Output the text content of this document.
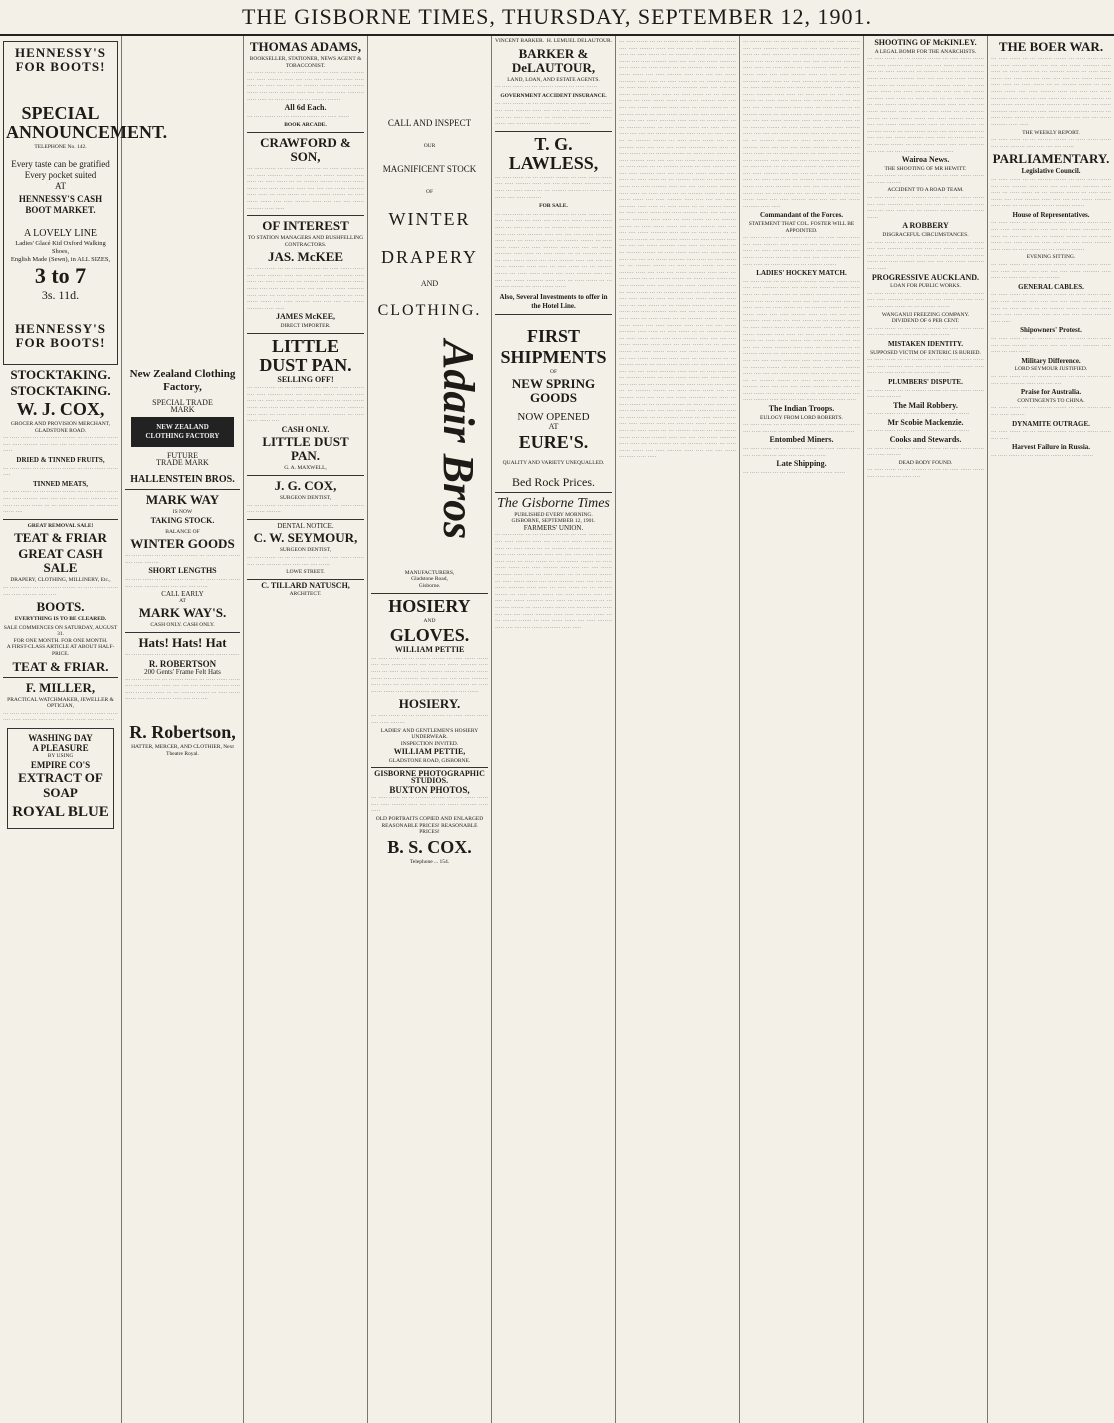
THE GISBORNE TIMES, THURSDAY, SEPTEMBER 12, 1901.
HENNESSY'S FOR BOOTS!
SPECIAL ANNOUNCEMENT.
TELEPHONE No. 142.
Every taste can be gratified
Every pocket suited
AT
HENNESSY'S CASH BOOT MARKET.
A LOVELY LINE
Ladies' Glacé Kid Oxford Walking Shoes,
English Made (Sewn), in ALL SIZES,
3 to 7
3s. 11d.
HENNESSY'S FOR BOOTS!
STOCKTAKING.
STOCKTAKING.
W. J. COX,
GROCER AND PROVISION MERCHANT, GLADSTONE ROAD.
··· ····· ······ ··· ··· ········ ······· ··· ····· ······ ······ ···· ····· ········ ····· ···· ···· ···· ······ ········· ····· ·····
DRIED & TINNED FRUITS,
··· ····· ······ ··· ··· ········ ······· ··· ····· ······ ······ ····
TINNED MEATS,
··· ····· ······ ··· ··· ········ ······· ··· ····· ······ ······ ···· ····· ········ ····· ···· ···· ···· ······ ········· ····· ····· ··· ····· ······ ··· ··· ········ ······· ··· ····· ······ ······ ····
GREAT REMOVAL SALE!
TEAT & FRIAR
GREAT CASH SALE
DRAPERY, CLOTHING, MILLINERY, Etc.,
··· ····· ······ ··· ··· ········ ······· ··· ····· ······ ······ ···· ····· ········ ····· ····
BOOTS.
EVERYTHING IS TO BE CLEARED.
SALE COMMENCES ON SATURDAY, AUGUST 31.
FOR ONE MONTH. FOR ONE MONTH.
A FIRST-CLASS ARTICLE AT ABOUT HALF-PRICE.
TEAT & FRIAR.
F. MILLER,
PRACTICAL WATCHMAKER, JEWELLER & OPTICIAN,
··· ····· ······ ··· ··· ········ ······· ··· ····· ······ ······ ···· ····· ········ ····· ···· ···· ···· ······ ········· ·····
WASHING DAY
A PLEASURE
BY USING
EMPIRE CO'S
EXTRACT OF SOAP
ROYAL BLUE
New Zealand Clothing Factory,
SPECIAL TRADE
MARK
NEW ZEALAND
CLOTHING FACTORY
FUTURE
TRADE MARK
HALLENSTEIN BROS.
MARK WAY
IS NOW
TAKING STOCK.
BALANCE OF
WINTER GOODS
··· ····· ······ ··· ··· ········ ······· ··· ····· ······ ······ ···· ····· ········
SHORT LENGTHS
··· ····· ······ ··· ··· ········ ······· ··· ····· ······ ······ ···· ····· ········ ····· ···· ···· ···· ······
CALL EARLY
AT
MARK WAY'S.
CASH ONLY. CASH ONLY.
Hats! Hats! Hat
··· ····· ······ ··· ··· ········ ······· ··· ····· ······ ······
R. ROBERTSON
200 Gents' Frame Felt Hats
··· ····· ······ ··· ··· ········ ······· ··· ····· ······ ······ ···· ····· ········ ····· ···· ···· ···· ······ ········· ····· ····· ··· ····· ······ ··· ··· ········ ······· ··· ····· ······ ······ ···· ····· ········ ····· ···· ···· ····
R. Robertson,
HATTER, MERCER, AND CLOTHIER, Next Theatre Royal.
THOMAS ADAMS,
BOOKSELLER, STATIONER, NEWS AGENT & TOBACCONIST.
··· ····· ······ ··· ··· ········ ······· ··· ····· ······ ······ ···· ····· ········ ····· ···· ···· ···· ······ ········· ····· ····· ··· ····· ······ ··· ··· ········ ······· ··· ····· ······ ······ ···· ····· ········ ····· ···· ···· ···· ······ ········· ····· ····· ··· ····· ······ ··· ··· ········ ·······
All 6d Each.
··· ····· ······ ··· ··· ········ ······· ··· ····· ······
BOOK ARCADE.
CRAWFORD & SON,
··· ····· ······ ··· ··· ········ ······· ··· ····· ······ ······ ···· ····· ········ ····· ···· ···· ···· ······ ········· ····· ····· ··· ····· ······ ··· ··· ········ ······· ··· ····· ······ ······ ···· ····· ········ ····· ···· ···· ···· ······ ········· ····· ····· ··· ····· ······ ··· ··· ········ ······· ··· ····· ······ ······ ···· ····· ········ ····· ···· ···· ···· ······ ········· ····· ·····
OF INTEREST
TO STATION MANAGERS AND BUSHFELLING CONTRACTORS.
JAS. McKEE
··· ····· ······ ··· ··· ········ ······· ··· ····· ······ ······ ···· ····· ········ ····· ···· ···· ···· ······ ········· ····· ····· ··· ····· ······ ··· ··· ········ ······· ··· ····· ······ ······ ···· ····· ········ ····· ···· ···· ···· ······ ········· ····· ····· ··· ····· ······ ··· ··· ········ ······· ··· ····· ······ ······ ···· ····· ········ ····· ···· ···· ···· ······ ········· ····· ·····
JAMES McKEE,
DIRECT IMPORTER.
LITTLE DUST PAN.
SELLING OFF!
··· ····· ······ ··· ··· ········ ······· ··· ····· ······ ······ ···· ····· ········ ····· ···· ···· ···· ······ ········· ····· ····· ··· ····· ······ ··· ··· ········ ······· ··· ····· ······ ······ ···· ····· ········ ····· ···· ···· ···· ······ ········· ····· ····· ··· ····· ······ ··· ··· ········ ······· ··· ····· ······ ······ ····
CASH ONLY.
LITTLE DUST PAN.
G. A. MAXWELL,
J. G. COX,
SURGEON DENTIST,
··· ····· ······ ··· ··· ········ ······· ··· ····· ······ ······ ···· ····· ········
DENTAL NOTICE.
C. W. SEYMOUR,
SURGEON DENTIST,
··· ····· ······ ··· ··· ········ ······· ··· ····· ······ ······ ···· ····· ········ ····· ···· ···· ···· ······
LOWE STREET.
C. TILLARD NATUSCH,
ARCHITECT.
CALL AND INSPECT
OUR
MAGNIFICENT STOCK
OF
WINTER
DRAPERY
AND
CLOTHING.
Adair Bros
MANUFACTURERS,
Gladstone Road,
Gisborne.
HOSIERY
AND
GLOVES.
WILLIAM PETTIE
··· ····· ······ ··· ··· ········ ······· ··· ····· ······ ······ ···· ····· ········ ····· ···· ···· ···· ······ ········· ····· ····· ··· ····· ······ ··· ··· ········ ······· ··· ····· ······ ······ ···· ····· ········ ····· ···· ···· ···· ······ ········· ····· ····· ··· ····· ······ ··· ··· ········ ······· ··· ····· ······ ······ ···· ····· ········ ····· ···· ···· ···· ······
HOSIERY.
··· ····· ······ ··· ··· ········ ······· ··· ····· ······ ······ ···· ····· ········
LADIES' AND GENTLEMEN'S HOSIERY UNDERWEAR.
INSPECTION INVITED.
WILLIAM PETTIE,
GLADSTONE ROAD, GISBORNE.
GISBORNE PHOTOGRAPHIC STUDIOS.
BUXTON PHOTOS,
··· ····· ······ ··· ··· ········ ······· ··· ····· ······ ······ ···· ····· ········ ····· ···· ···· ···· ······ ········· ····· ·····
OLD PORTRAITS COPIED AND ENLARGED
REASONABLE PRICES! REASONABLE PRICES!
B. S. COX.
Telephone ... 154.
VINCENT BARKER. H. LEMUEL DELAUTOUR.
BARKER & DeLAUTOUR,
LAND, LOAN, AND ESTATE AGENTS.
··· ····· ······ ··· ··· ········ ······· ··· ····· ······
GOVERNMENT ACCIDENT INSURANCE.
··· ····· ······ ··· ··· ········ ······· ··· ····· ······ ······ ···· ····· ········ ····· ···· ···· ···· ······ ········· ····· ····· ··· ····· ······ ··· ··· ········ ······· ··· ····· ······ ······ ···· ····· ········ ····· ···· ···· ···· ······
T. G. LAWLESS,
··· ····· ······ ··· ··· ········ ······· ··· ····· ······ ······ ···· ····· ········ ····· ···· ···· ···· ······ ········· ····· ····· ··· ····· ······ ··· ··· ········ ······· ··· ····· ······ ······ ···· ····· ········
FOR SALE.
··· ····· ······ ··· ··· ········ ······· ··· ····· ······ ······ ···· ····· ········ ····· ···· ···· ···· ······ ········· ····· ····· ··· ····· ······ ··· ··· ········ ······· ··· ····· ······ ······ ···· ····· ········ ····· ···· ···· ···· ······ ········· ····· ····· ··· ····· ······ ··· ··· ········ ······· ··· ····· ······ ······ ···· ····· ········ ····· ···· ···· ···· ······ ········· ····· ····· ··· ····· ······ ··· ··· ········ ······· ··· ····· ······ ······ ···· ····· ········ ····· ···· ···· ···· ······ ········· ····· ····· ··· ····· ······ ··· ··· ········ ······· ··· ····· ······ ······ ···· ····· ········ ····· ···· ···· ···· ······ ········· ····· ····· ··· ····· ······ ··· ··· ········ ······· ··· ····· ······ ······
Also, Several Investments to offer in the Hotel Line.
FIRST
SHIPMENTS
OF
NEW SPRING GOODS
NOW OPENED
AT
EURE'S.
QUALITY AND VARIETY UNEQUALLED.
Bed Rock Prices.
The Gisborne Times
PUBLISHED EVERY MORNING.
GISBORNE, SEPTEMBER 12, 1901.
FARMERS' UNION.
··· ····· ······ ··· ··· ········ ······· ··· ····· ······ ······ ···· ····· ········ ····· ···· ···· ···· ······ ········· ····· ····· ··· ····· ······ ··· ··· ········ ······· ··· ····· ······ ······ ···· ····· ········ ····· ···· ···· ···· ······ ········· ····· ····· ··· ····· ······ ··· ··· ········ ······· ··· ····· ······ ······ ···· ····· ········ ····· ···· ···· ···· ······ ········· ····· ····· ··· ····· ······ ··· ··· ········ ······· ··· ····· ······ ······ ···· ····· ········ ····· ···· ···· ···· ······ ········· ····· ····· ··· ····· ······ ··· ··· ········ ······· ··· ····· ······ ······ ···· ····· ········ ····· ···· ···· ···· ······ ········· ····· ····· ··· ····· ······ ··· ··· ········ ······· ··· ····· ······ ······ ···· ····· ········ ····· ···· ···· ···· ······ ········· ····· ····· ··· ····· ······ ··· ··· ········ ······· ··· ····· ······ ······ ···· ····· ········ ····· ···· ···· ···· ······ ········· ····· ·····
··· ····· ······ ··· ··· ········ ······· ··· ····· ······ ······ ···· ····· ········ ····· ···· ···· ···· ······ ········· ····· ····· ··· ····· ······ ··· ··· ········ ······· ··· ····· ······ ······ ···· ····· ········ ····· ···· ···· ···· ······ ········· ····· ····· ··· ····· ······ ··· ··· ········ ······· ··· ····· ······ ······ ···· ····· ········ ····· ···· ···· ···· ······ ········· ····· ····· ··· ····· ······ ··· ··· ········ ······· ··· ····· ······ ······ ···· ····· ········ ····· ···· ···· ···· ······ ········· ····· ····· ··· ····· ······ ··· ··· ········ ······· ··· ····· ······ ······ ···· ····· ········ ····· ···· ···· ···· ······ ········· ····· ····· ··· ····· ······ ··· ··· ········ ······· ··· ····· ······ ······ ···· ····· ········ ····· ···· ···· ···· ······ ········· ····· ····· ··· ····· ······ ··· ··· ········ ······· ··· ····· ······ ······ ···· ····· ········ ····· ···· ···· ···· ······ ········· ····· ····· ··· ····· ······ ··· ··· ········ ······· ··· ····· ······ ······ ···· ····· ········ ····· ···· ···· ···· ······ ········· ····· ····· ··· ····· ······ ··· ··· ········ ······· ··· ····· ······ ······ ···· ····· ········ ····· ···· ···· ···· ······ ········· ····· ····· ··· ····· ······ ··· ··· ········ ······· ··· ····· ······ ······ ···· ····· ········ ····· ···· ···· ···· ······ ········· ····· ····· ··· ····· ······ ··· ··· ········ ······· ··· ····· ······ ······ ···· ····· ········ ····· ···· ···· ···· ······ ········· ····· ····· ··· ····· ······ ··· ··· ········ ······· ··· ····· ······ ······ ···· ····· ········ ····· ···· ···· ···· ······ ········· ····· ····· ··· ····· ······ ··· ··· ········ ······· ··· ····· ······ ······ ···· ····· ········ ····· ···· ···· ···· ······ ········· ····· ····· ··· ····· ······ ··· ··· ········ ······· ··· ····· ······ ······ ···· ····· ········ ····· ···· ···· ···· ······ ········· ····· ····· ··· ····· ······ ··· ··· ········ ······· ··· ····· ······ ······ ···· ····· ········ ····· ···· ···· ···· ······ ········· ····· ····· ··· ····· ······ ··· ··· ········ ······· ··· ····· ······ ······ ···· ····· ········ ····· ···· ···· ···· ······ ········· ····· ····· ··· ····· ······ ··· ··· ········ ······· ··· ····· ······ ······ ···· ····· ········ ····· ···· ···· ···· ······ ········· ····· ····· ··· ····· ······ ··· ··· ········ ······· ··· ····· ······ ······ ···· ····· ········ ····· ···· ···· ···· ······ ········· ····· ····· ··· ····· ······ ··· ··· ········ ······· ··· ····· ······ ······ ···· ····· ········ ····· ···· ···· ···· ······ ········· ····· ····· ··· ····· ······ ··· ··· ········ ······· ··· ····· ······ ······ ···· ····· ········ ····· ···· ···· ···· ······ ········· ····· ····· ··· ····· ······ ··· ··· ········ ······· ··· ····· ······ ······ ···· ····· ········ ····· ···· ···· ···· ······ ········· ····· ····· ··· ····· ······ ··· ··· ········ ······· ··· ····· ······ ······ ···· ····· ········ ····· ···· ···· ···· ······ ········· ····· ····· ··· ····· ······ ··· ··· ········ ······· ··· ····· ······ ······ ···· ····· ········ ····· ···· ···· ···· ······ ········· ····· ····· ··· ····· ······ ··· ··· ········ ······· ··· ····· ······ ······ ···· ····· ········ ····· ···· ···· ···· ······ ········· ····· ····· ··· ····· ······ ··· ··· ········ ······· ··· ····· ······ ······ ···· ····· ········ ····· ···· ···· ···· ······ ········· ····· ····· ··· ····· ······ ··· ··· ········ ······· ··· ····· ······ ······ ···· ····· ········ ····· ···· ···· ···· ······ ········· ····· ····· ··· ····· ······ ··· ··· ········ ······· ··· ····· ······ ······ ···· ····· ········ ····· ···· ···· ···· ······ ········· ····· ····· ··· ····· ······ ··· ··· ········ ······· ··· ····· ······ ······ ···· ····· ········ ····· ···· ···· ···· ······ ········· ····· ····· ··· ····· ······ ··· ··· ········ ······· ··· ····· ······ ······ ···· ····· ········ ····· ···· ···· ···· ······ ········· ····· ····· ··· ····· ······ ··· ··· ········ ······· ··· ····· ······ ······ ···· ····· ········ ····· ···· ···· ···· ······ ········· ····· ·····
··· ····· ······ ··· ··· ········ ······· ··· ····· ······ ······ ···· ····· ········ ····· ···· ···· ···· ······ ········· ····· ····· ··· ····· ······ ··· ··· ········ ······· ··· ····· ······ ······ ···· ····· ········ ····· ···· ···· ···· ······ ········· ····· ····· ··· ····· ······ ··· ··· ········ ······· ··· ····· ······ ······ ···· ····· ········ ····· ···· ···· ···· ······ ········· ····· ····· ··· ····· ······ ··· ··· ········ ······· ··· ····· ······ ······ ···· ····· ········ ····· ···· ···· ···· ······ ········· ····· ····· ··· ····· ······ ··· ··· ········ ······· ··· ····· ······ ······ ···· ····· ········ ····· ···· ···· ···· ······ ········· ····· ····· ··· ····· ······ ··· ··· ········ ······· ··· ····· ······ ······ ···· ····· ········ ····· ···· ···· ···· ······ ········· ····· ····· ··· ····· ······ ··· ··· ········ ······· ··· ····· ······ ······ ···· ····· ········ ····· ···· ···· ···· ······ ········· ····· ····· ··· ····· ······ ··· ··· ········ ······· ··· ····· ······ ······ ···· ····· ········ ····· ···· ···· ···· ······ ········· ····· ····· ··· ····· ······ ··· ··· ········ ······· ··· ····· ······ ······ ···· ····· ········ ····· ···· ···· ···· ······ ········· ····· ····· ··· ····· ······ ··· ··· ········ ······· ··· ····· ······ ······ ···· ····· ········ ····· ···· ···· ···· ······ ········· ····· ····· ··· ····· ······ ··· ··· ········ ······· ··· ····· ······ ······ ···· ····· ········ ····· ···· ···· ···· ······ ········· ····· ····· ··· ····· ······ ··· ··· ········ ······· ··· ····· ······ ······ ···· ····· ········ ····· ···· ···· ···· ······ ········· ····· ·····
Commandant of the Forces.
STATEMENT THAT COL. FOSTER WILL BE APPOINTED.
··· ····· ······ ··· ··· ········ ······· ··· ····· ······ ······ ···· ····· ········ ····· ···· ···· ···· ······ ········· ····· ····· ··· ····· ······ ··· ··· ········ ······· ··· ····· ······ ······ ···· ····· ········ ····· ···· ···· ···· ······ ········· ····· ····· ··· ····· ······ ··· ··· ········ ·······
LADIES' HOCKEY MATCH.
··· ····· ······ ··· ··· ········ ······· ··· ····· ······ ······ ···· ····· ········ ····· ···· ···· ···· ······ ········· ····· ····· ··· ····· ······ ··· ··· ········ ······· ··· ····· ······ ······ ···· ····· ········ ····· ···· ···· ···· ······ ········· ····· ····· ··· ····· ······ ··· ··· ········ ······· ··· ····· ······ ······ ···· ····· ········ ····· ···· ···· ···· ······ ········· ····· ····· ··· ····· ······ ··· ··· ········ ······· ··· ····· ······ ······ ···· ····· ········ ····· ···· ···· ···· ······ ········· ····· ····· ··· ····· ······ ··· ··· ········ ······· ··· ····· ······ ······ ···· ····· ········ ····· ···· ···· ···· ······ ········· ····· ····· ··· ····· ······ ··· ··· ········ ······· ··· ····· ······ ······ ···· ····· ········ ····· ···· ···· ···· ······ ········· ····· ····· ··· ····· ······ ··· ··· ········ ······· ··· ····· ······ ······ ···· ····· ········ ····· ···· ···· ···· ······ ········· ····· ····· ··· ····· ······ ··· ··· ········ ······· ··· ····· ······ ······ ···· ····· ········ ····· ···· ···· ···· ······ ········· ····· ····· ··· ····· ······ ··· ··· ········ ······· ··· ····· ······ ······ ···· ····· ········ ····· ···· ···· ···· ······ ········· ····· ·····
The Indian Troops.
EULOGY FROM LORD ROBERTS.
··· ····· ······ ··· ··· ········ ······· ··· ····· ······ ······ ···· ····· ········ ····· ···· ···· ···· ······ ········· ·····
Entombed Miners.
··· ····· ······ ··· ··· ········ ······· ··· ····· ······ ······ ···· ····· ········ ····· ···· ···· ···· ······
Late Shipping.
··· ····· ······ ··· ··· ········ ······· ··· ····· ······
SHOOTING OF McKINLEY.
A LEGAL BOMB FOR THE ANARCHISTS.
··· ····· ······ ··· ··· ········ ······· ··· ····· ······ ······ ···· ····· ········ ····· ···· ···· ···· ······ ········· ····· ····· ··· ····· ······ ··· ··· ········ ······· ··· ····· ······ ······ ···· ····· ········ ····· ···· ···· ···· ······ ········· ····· ····· ··· ····· ······ ··· ··· ········ ······· ··· ····· ······ ······ ···· ····· ········ ····· ···· ···· ···· ······ ········· ····· ····· ··· ····· ······ ··· ··· ········ ······· ··· ····· ······ ······ ···· ····· ········ ····· ···· ···· ···· ······ ········· ····· ····· ··· ····· ······ ··· ··· ········ ······· ··· ····· ······ ······ ···· ····· ········ ····· ···· ···· ···· ······ ········· ····· ····· ··· ····· ······ ··· ··· ········ ······· ··· ····· ······ ······ ···· ····· ········ ····· ···· ···· ···· ······ ········· ····· ····· ··· ····· ······ ··· ··· ········ ······· ··· ····· ······ ······ ···· ····· ········ ····· ···· ···· ···· ······ ········· ····· ·····
Wairoa News.
THE SHOOTING OF MR HEWITT.
··· ····· ······ ··· ··· ········ ······· ··· ····· ······ ······ ···· ····· ········
ACCIDENT TO A ROAD TEAM.
··· ····· ······ ··· ··· ········ ······· ··· ····· ······ ······ ···· ····· ········ ····· ···· ···· ···· ······ ········· ····· ····· ··· ····· ······ ··· ··· ········ ······· ··· ····· ······ ······
A ROBBERY
DISGRACEFUL CIRCUMSTANCES.
··· ····· ······ ··· ··· ········ ······· ··· ····· ······ ······ ···· ····· ········ ····· ···· ···· ···· ······ ········· ····· ····· ··· ····· ······ ··· ··· ········ ······· ··· ····· ······ ······ ···· ····· ········ ····· ···· ···· ···· ······ ········· ····· ·····
PROGRESSIVE AUCKLAND.
LOAN FOR PUBLIC WORKS.
··· ····· ······ ··· ··· ········ ······· ··· ····· ······ ······ ···· ····· ········ ····· ···· ···· ···· ······ ········· ····· ····· ··· ····· ······ ··· ··· ········ ·······
WANGANUI FREEZING COMPANY.
DIVIDEND OF 6 PER CENT.
··· ····· ······ ··· ··· ········ ······· ··· ····· ······ ······ ···· ····· ········ ····· ···· ···· ···· ······
MISTAKEN IDENTITY.
SUPPOSED VICTIM OF ENTERIC IS BURIED.
··· ····· ······ ··· ··· ········ ······· ··· ····· ······ ······ ···· ····· ········ ····· ···· ···· ···· ······ ········· ····· ····· ··· ····· ······ ··· ··· ········ ·······
PLUMBERS' DISPUTE.
··· ····· ······ ··· ··· ········ ······· ··· ····· ······ ······ ···· ····· ········
The Mail Robbery.
··· ····· ······ ··· ··· ········ ······· ··· ····· ······
Mr Scobie Mackenzie.
··· ····· ······ ··· ··· ········ ······· ··· ····· ······
Cooks and Stewards.
··· ····· ······ ··· ··· ········ ······· ··· ····· ······ ······ ···· ····· ········
DEAD BODY FOUND.
··· ····· ······ ··· ··· ········ ······· ··· ····· ······ ······ ···· ····· ········ ····· ····
THE BOER WAR.
··· ····· ······ ··· ··· ········ ······· ··· ····· ······ ······ ···· ····· ········ ····· ···· ···· ···· ······ ········· ····· ····· ··· ····· ······ ··· ··· ········ ······· ··· ····· ······ ······ ···· ····· ········ ····· ···· ···· ···· ······ ········· ····· ····· ··· ····· ······ ··· ··· ········ ······· ··· ····· ······ ······ ···· ····· ········ ····· ···· ···· ···· ······ ········· ····· ····· ··· ····· ······ ··· ··· ········ ······· ··· ····· ······ ······ ···· ····· ········ ····· ···· ···· ···· ······ ········· ····· ····· ··· ····· ······ ··· ··· ········ ······· ··· ····· ······ ······ ···· ····· ········ ····· ···· ···· ···· ······ ········· ····· ·····
THE WEEKLY REPORT.
··· ····· ······ ··· ··· ········ ······· ··· ····· ······ ······ ···· ····· ········ ····· ···· ···· ···· ······
PARLIAMENTARY.
Legislative Council.
··· ····· ······ ··· ··· ········ ······· ··· ····· ······ ······ ···· ····· ········ ····· ···· ···· ···· ······ ········· ····· ····· ··· ····· ······ ··· ··· ········ ······· ··· ····· ······ ······ ···· ····· ········ ····· ···· ···· ···· ······ ········· ····· ····· ··· ····· ······ ··· ··· ········ ·······
House of Representatives.
··· ····· ······ ··· ··· ········ ······· ··· ····· ······ ······ ···· ····· ········ ····· ···· ···· ···· ······ ········· ····· ····· ··· ····· ······ ··· ··· ········ ······· ··· ····· ······ ······ ···· ····· ········ ····· ···· ···· ···· ······ ········· ····· ····· ··· ····· ······ ··· ··· ········ ·······
EVENING SITTING.
··· ····· ······ ··· ··· ········ ······· ··· ····· ······ ······ ···· ····· ········ ····· ···· ···· ···· ······ ········· ····· ····· ··· ····· ······ ··· ··· ········
GENERAL CABLES.
··· ····· ······ ··· ··· ········ ······· ··· ····· ······ ······ ···· ····· ········ ····· ···· ···· ···· ······ ········· ····· ····· ··· ····· ······ ··· ··· ········ ······· ··· ····· ······ ······ ···· ····· ········ ····· ···· ···· ···· ······ ········· ····· ·····
Shipowners' Protest.
··· ····· ······ ··· ··· ········ ······· ··· ····· ······ ······ ···· ····· ········ ····· ···· ···· ···· ······ ········· ····· ····· ··· ····· ······
Military Difference.
LORD SEYMOUR JUSTIFIED.
··· ····· ······ ··· ··· ········ ······· ··· ····· ······ ······ ···· ····· ········ ····· ···· ···· ····
Praise for Australia.
CONTINGENTS TO CHINA.
··· ····· ······ ··· ··· ········ ······· ··· ····· ······ ······ ···· ····· ········
DYNAMITE OUTRAGE.
··· ····· ······ ··· ··· ········ ······· ··· ····· ······ ······ ···· ·····
Harvest Failure in Russia.
··· ····· ······ ··· ··· ········ ······· ··· ····· ······
